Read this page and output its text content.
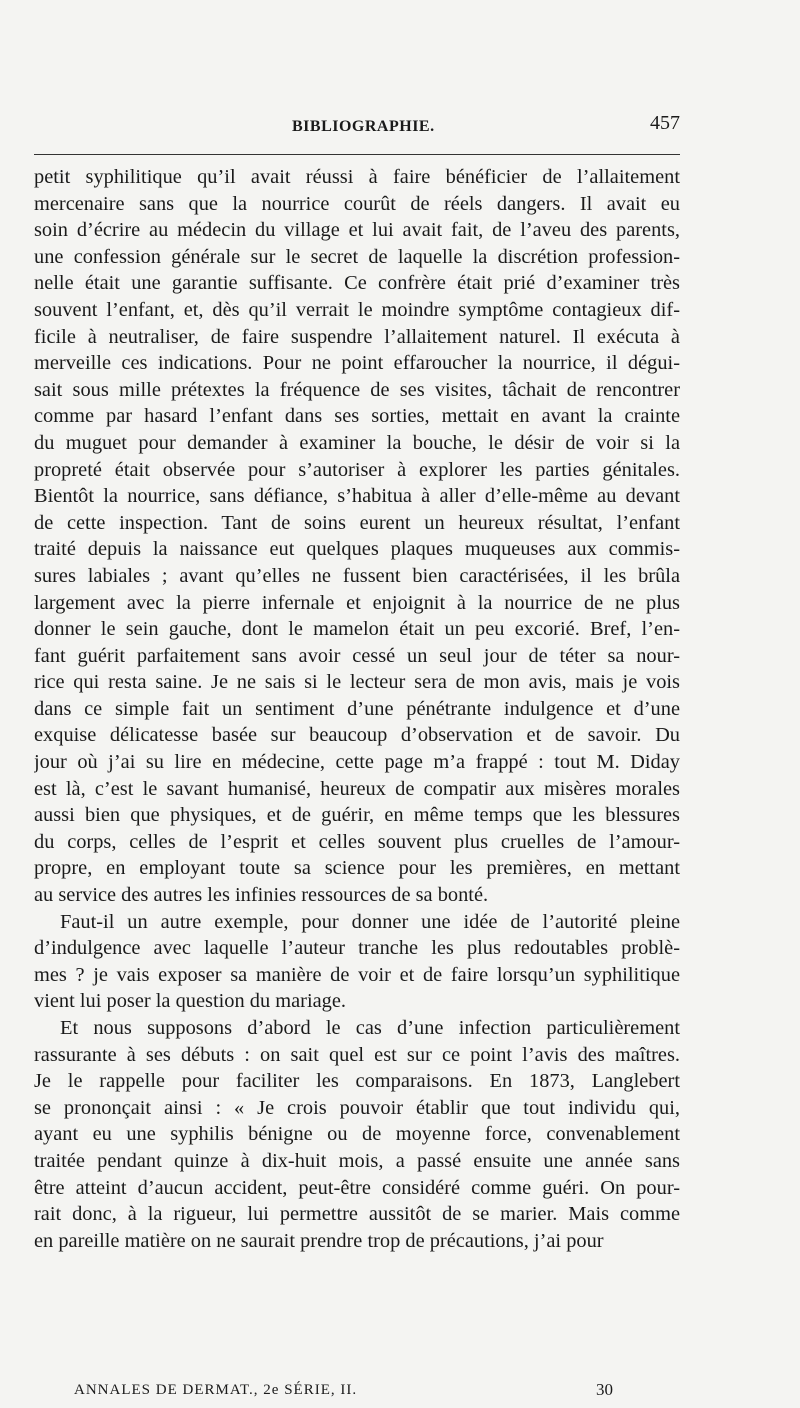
BIBLIOGRAPHIE.	457
petit syphilitique qu’il avait réussi à faire bénéficier de l’allaitement
mercenaire sans que la nourrice courût de réels dangers. Il avait eu
soin d’écrire au médecin du village et lui avait fait, de l’aveu des parents,
une confession générale sur le secret de laquelle la discrétion profession-
nelle était une garantie suffisante. Ce confrère était prié d’examiner très
souvent l’enfant, et, dès qu’il verrait le moindre symptôme contagieux dif-
ficile à neutraliser, de faire suspendre l’allaitement naturel. Il exécuta à
merveille ces indications. Pour ne point effaroucher la nourrice, il dégui-
sait sous mille prétextes la fréquence de ses visites, tâchait de rencontrer
comme par hasard l’enfant dans ses sorties, mettait en avant la crainte
du muguet pour demander à examiner la bouche, le désir de voir si la
propreté était observée pour s’autoriser à explorer les parties génitales.
Bientôt la nourrice, sans défiance, s’habitua à aller d’elle-même au devant
de cette inspection. Tant de soins eurent un heureux résultat, l’enfant
traité depuis la naissance eut quelques plaques muqueuses aux commis-
sures labiales ; avant qu’elles ne fussent bien caractérisées, il les brûla
largement avec la pierre infernale et enjoignit à la nourrice de ne plus
donner le sein gauche, dont le mamelon était un peu excorié. Bref, l’en-
fant guérit parfaitement sans avoir cessé un seul jour de téter sa nour-
rice qui resta saine. Je ne sais si le lecteur sera de mon avis, mais je vois
dans ce simple fait un sentiment d’une pénétrante indulgence et d’une
exquise délicatesse basée sur beaucoup d’observation et de savoir. Du
jour où j’ai su lire en médecine, cette page m’a frappé : tout M. Diday
est là, c’est le savant humanisé, heureux de compatir aux misères morales
aussi bien que physiques, et de guérir, en même temps que les blessures
du corps, celles de l’esprit et celles souvent plus cruelles de l’amour-
propre, en employant toute sa science pour les premières, en mettant
au service des autres les infinies ressources de sa bonté.
Faut-il un autre exemple, pour donner une idée de l’autorité pleine
d’indulgence avec laquelle l’auteur tranche les plus redoutables problè-
mes ? je vais exposer sa manière de voir et de faire lorsqu’un syphilitique
vient lui poser la question du mariage.
Et nous supposons d’abord le cas d’une infection particulièrement
rassurante à ses débuts : on sait quel est sur ce point l’avis des maîtres.
Je le rappelle pour faciliter les comparaisons. En 1873, Langlebert
se prononçait ainsi : « Je crois pouvoir établir que tout individu qui,
ayant eu une syphilis bénigne ou de moyenne force, convenablement
traitée pendant quinze à dix-huit mois, a passé ensuite une année sans
être atteint d’aucun accident, peut-être considéré comme guéri. On pour-
rait donc, à la rigueur, lui permettre aussitôt de se marier. Mais comme
en pareille matière on ne saurait prendre trop de précautions, j’ai pour
ANNALES DE DERMAT., 2e SÉRIE, II.	30
